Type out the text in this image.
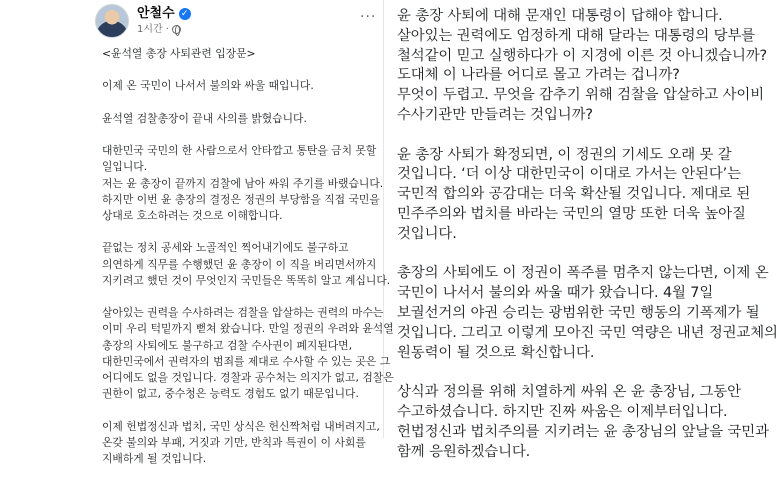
안철수 ✓
1시간 ·
···

<윤석열 총장 사퇴관련 입장문>

이제 온 국민이 나서서 불의와 싸울 때입니다.

윤석열 검찰총장이 끝내 사의를 밝혔습니다.

대한민국 국민의 한 사람으로서 안타깝고 통탄을 금치 못할
일입니다.
저는 윤 총장이 끝까지 검찰에 남아 싸워 주기를 바랬습니다.
하지만 이번 윤 총장의 결정은 정권의 부당함을 직접 국민을
상대로 호소하려는 것으로 이해합니다.

끝없는 정치 공세와 노골적인 찍어내기에도 불구하고
의연하게 직무를 수행했던 윤 총장이 이 직을 버리면서까지
지키려고 했던 것이 무엇인지 국민들은 똑똑히 알고 계십니다.

살아있는 권력을 수사하려는 검찰을 압살하는 권력의 마수는
이미 우리 턱밑까지 뻗쳐 왔습니다. 만일 정권의 우려와 윤석열
총장의 사퇴에도 불구하고 검찰 수사권이 폐지된다면,
대한민국에서 권력자의 범죄를 제대로 수사할 수 있는 곳은 그
어디에도 없을 것입니다. 경찰과 공수처는 의지가 없고, 검찰은
권한이 없고, 중수청은 능력도 경험도 없기 때문입니다.

이제 헌법정신과 법치, 국민 상식은 헌신짝처럼 내버려지고,
온갖 불의와 부패, 거짓과 기만, 반칙과 특권이 이 사회를
지배하게 될 것입니다.

윤 총장 사퇴에 대해 문재인 대통령이 답해야 합니다.
살아있는 권력에도 엄정하게 대해 달라는 대통령의 당부를
철석같이 믿고 실행하다가 이 지경에 이른 것 아니겠습니까?
도대체 이 나라를 어디로 몰고 가려는 겁니까?
무엇이 두렵고. 무엇을 감추기 위해 검찰을 압살하고 사이비
수사기관만 만들려는 것입니까?

윤 총장 사퇴가 확정되면, 이 정권의 기세도 오래 못 갈
것입니다. ‘더 이상 대한민국이 이대로 가서는 안된다’는
국민적 합의와 공감대는 더욱 확산될 것입니다. 제대로 된
민주주의와 법치를 바라는 국민의 열망 또한 더욱 높아질
것입니다.

총장의 사퇴에도 이 정권이 폭주를 멈추지 않는다면, 이제 온
국민이 나서서 불의와 싸울 때가 왔습니다. 4월 7일
보궐선거의 야권 승리는 광범위한 국민 행동의 기폭제가 될
것입니다. 그리고 이렇게 모아진 국민 역량은 내년 정권교체의
원동력이 될 것으로 확신합니다.

상식과 정의를 위해 치열하게 싸워 온 윤 총장님, 그동안
수고하셨습니다. 하지만 진짜 싸움은 이제부터입니다.
헌법정신과 법치주의를 지키려는 윤 총장님의 앞날을 국민과
함께 응원하겠습니다.
